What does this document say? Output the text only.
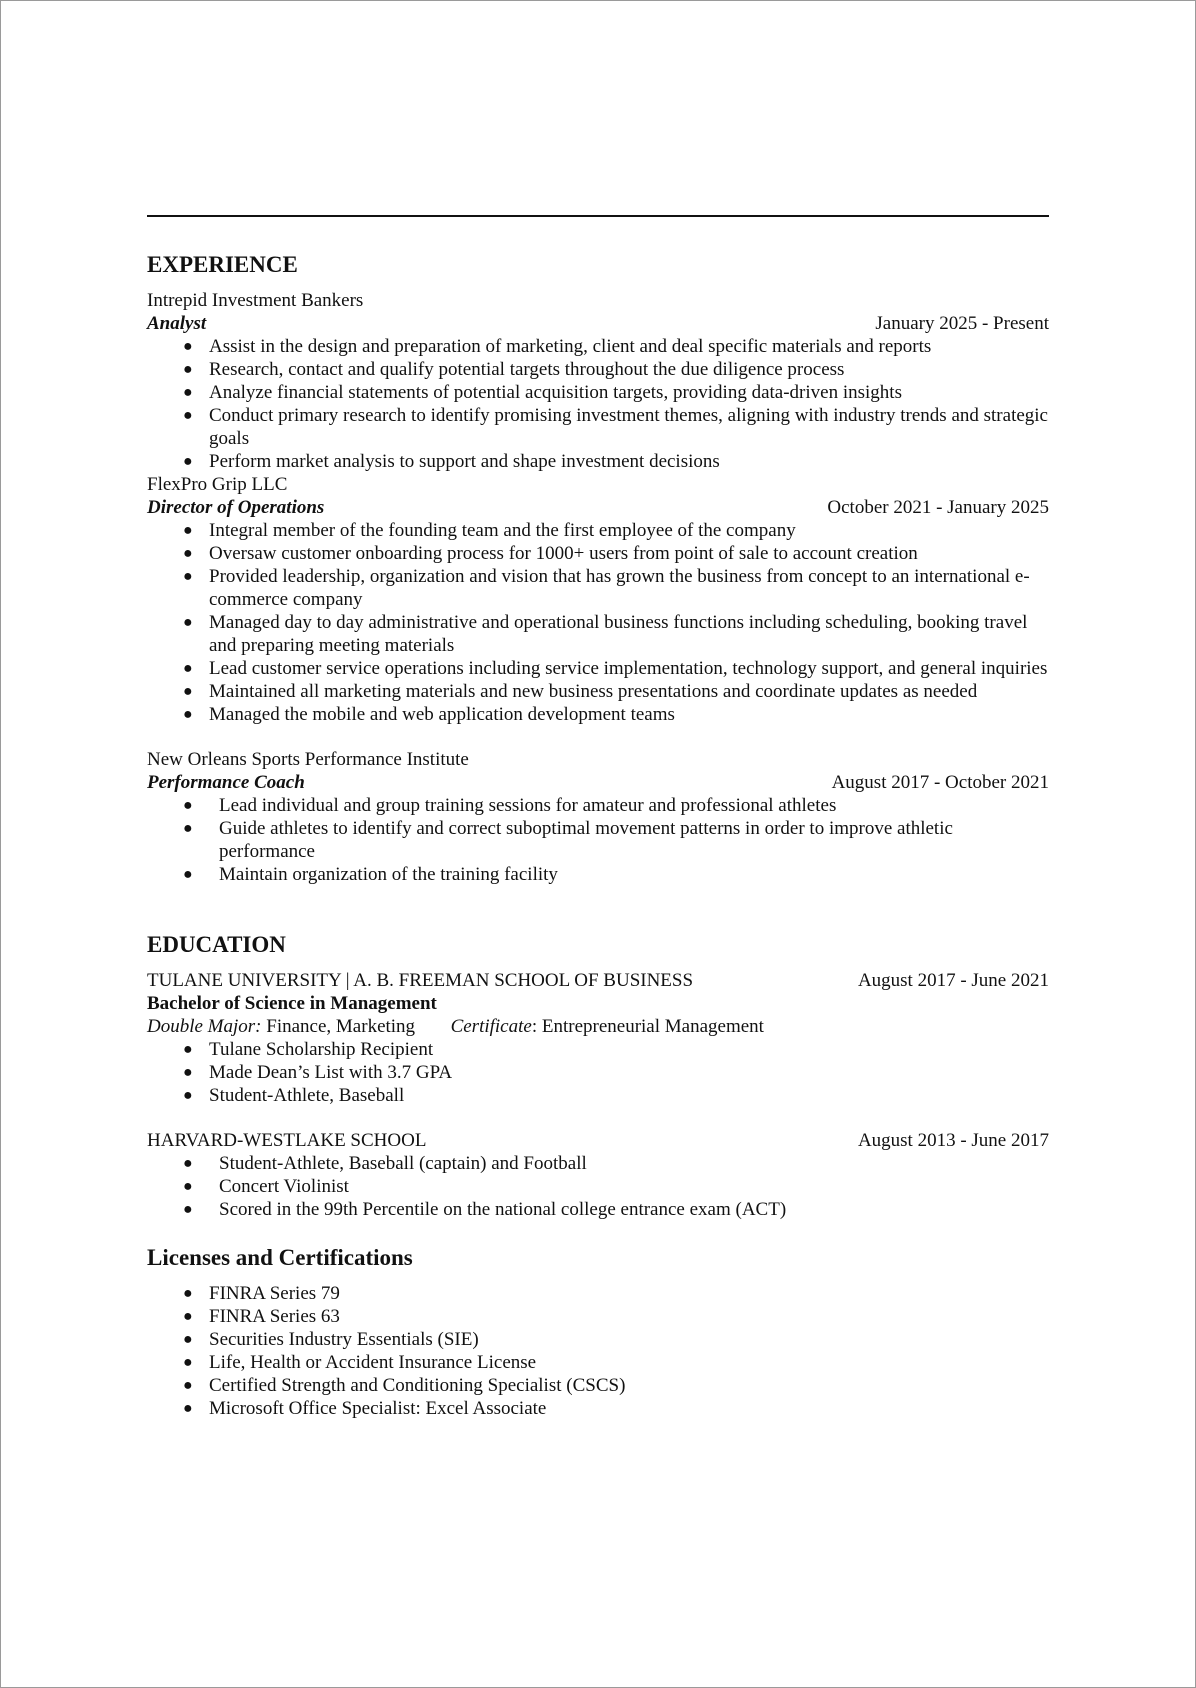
EXPERIENCE
Intrepid Investment Bankers
Analyst	January 2025 - Present
● Assist in the design and preparation of marketing, client and deal specific materials and reports
● Research, contact and qualify potential targets throughout the due diligence process
● Analyze financial statements of potential acquisition targets, providing data-driven insights
● Conduct primary research to identify promising investment themes, aligning with industry trends and strategic goals
● Perform market analysis to support and shape investment decisions
FlexPro Grip LLC
Director of Operations	October 2021 - January 2025
● Integral member of the founding team and the first employee of the company
● Oversaw customer onboarding process for 1000+ users from point of sale to account creation
● Provided leadership, organization and vision that has grown the business from concept to an international e-commerce company
● Managed day to day administrative and operational business functions including scheduling, booking travel and preparing meeting materials
● Lead customer service operations including service implementation, technology support, and general inquiries
● Maintained all marketing materials and new business presentations and coordinate updates as needed
● Managed the mobile and web application development teams
New Orleans Sports Performance Institute
Performance Coach	August 2017 - October 2021
● Lead individual and group training sessions for amateur and professional athletes
● Guide athletes to identify and correct suboptimal movement patterns in order to improve athletic performance
● Maintain organization of the training facility
EDUCATION
TULANE UNIVERSITY | A. B. FREEMAN SCHOOL OF BUSINESS	August 2017 - June 2021
Bachelor of Science in Management
Double Major: Finance, Marketing Certificate: Entrepreneurial Management
● Tulane Scholarship Recipient
● Made Dean’s List with 3.7 GPA
● Student-Athlete, Baseball
HARVARD-WESTLAKE SCHOOL	August 2013 - June 2017
● Student-Athlete, Baseball (captain) and Football
● Concert Violinist
● Scored in the 99th Percentile on the national college entrance exam (ACT)
Licenses and Certifications
● FINRA Series 79
● FINRA Series 63
● Securities Industry Essentials (SIE)
● Life, Health or Accident Insurance License
● Certified Strength and Conditioning Specialist (CSCS)
● Microsoft Office Specialist: Excel Associate
